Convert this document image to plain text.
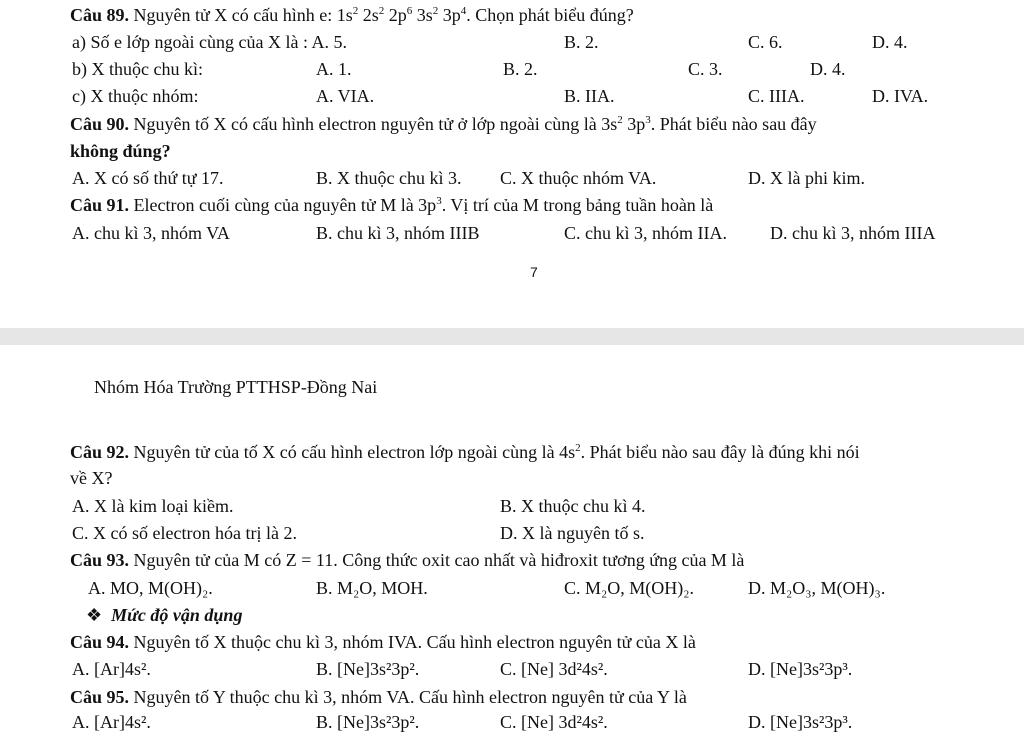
Câu 89. Nguyên tử X có cấu hình e: $1s^2$ $2s^2$ $2p^6$ $3s^2$ $3p^4$. Chọn phát biểu đúng?
a) Số e lớp ngoài cùng của X là : A. 5.	B. 2.	C. 6.	D. 4.
b) X thuộc chu kì:	A. 1.	B. 2.	C. 3.	D. 4.
c) X thuộc nhóm:	A. VIA.	B. IIA.	C. IIIA.	D. IVA.
Câu 90. Nguyên tố X có cấu hình electron nguyên tử ở lớp ngoài cùng là $3s^2$ $3p^3$. Phát biểu nào sau đây
không đúng?
A. X có số thứ tự 17.	B. X thuộc chu kì 3. C. X thuộc nhóm VA.	D. X là phi kim.
Câu 91. Electron cuối cùng của nguyên tử M là $3p^3$. Vị trí của M trong bảng tuần hoàn là
A. chu kì 3, nhóm VA	B. chu kì 3, nhóm IIIB	C. chu kì 3, nhóm IIA. D. chu kì 3, nhóm IIIA
7
Nhóm Hóa Trường PTTHSP-Đồng Nai
Câu 92. Nguyên tử của tố X có cấu hình electron lớp ngoài cùng là $4s^2$. Phát biểu nào sau đây là đúng khi nói
về X?
A. X là kim loại kiềm.	B. X thuộc chu kì 4.
C. X có số electron hóa trị là 2.	D. X là nguyên tố s.
Câu 93. Nguyên tử của M có Z = 11. Công thức oxit cao nhất và hiđroxit tương ứng của M là
A. MO, M(OH)₂.	B. M₂O, MOH.	C. M₂O, M(OH)₂.	D. M₂O₃, M(OH)₃.
❖ Mức độ vận dụng
Câu 94. Nguyên tố X thuộc chu kì 3, nhóm IVA. Cấu hình electron nguyên tử của X là
A. [Ar]4s².	B. [Ne]3s²3p².	C. [Ne] 3d²4s².	D. [Ne]3s²3p³.
Câu 95. Nguyên tố Y thuộc chu kì 3, nhóm VA. Cấu hình electron nguyên tử của Y là
A. [Ar]4s².	B. [Ne]3s²3p².	C. [Ne] 3d²4s².	D. [Ne]3s²3p³.
